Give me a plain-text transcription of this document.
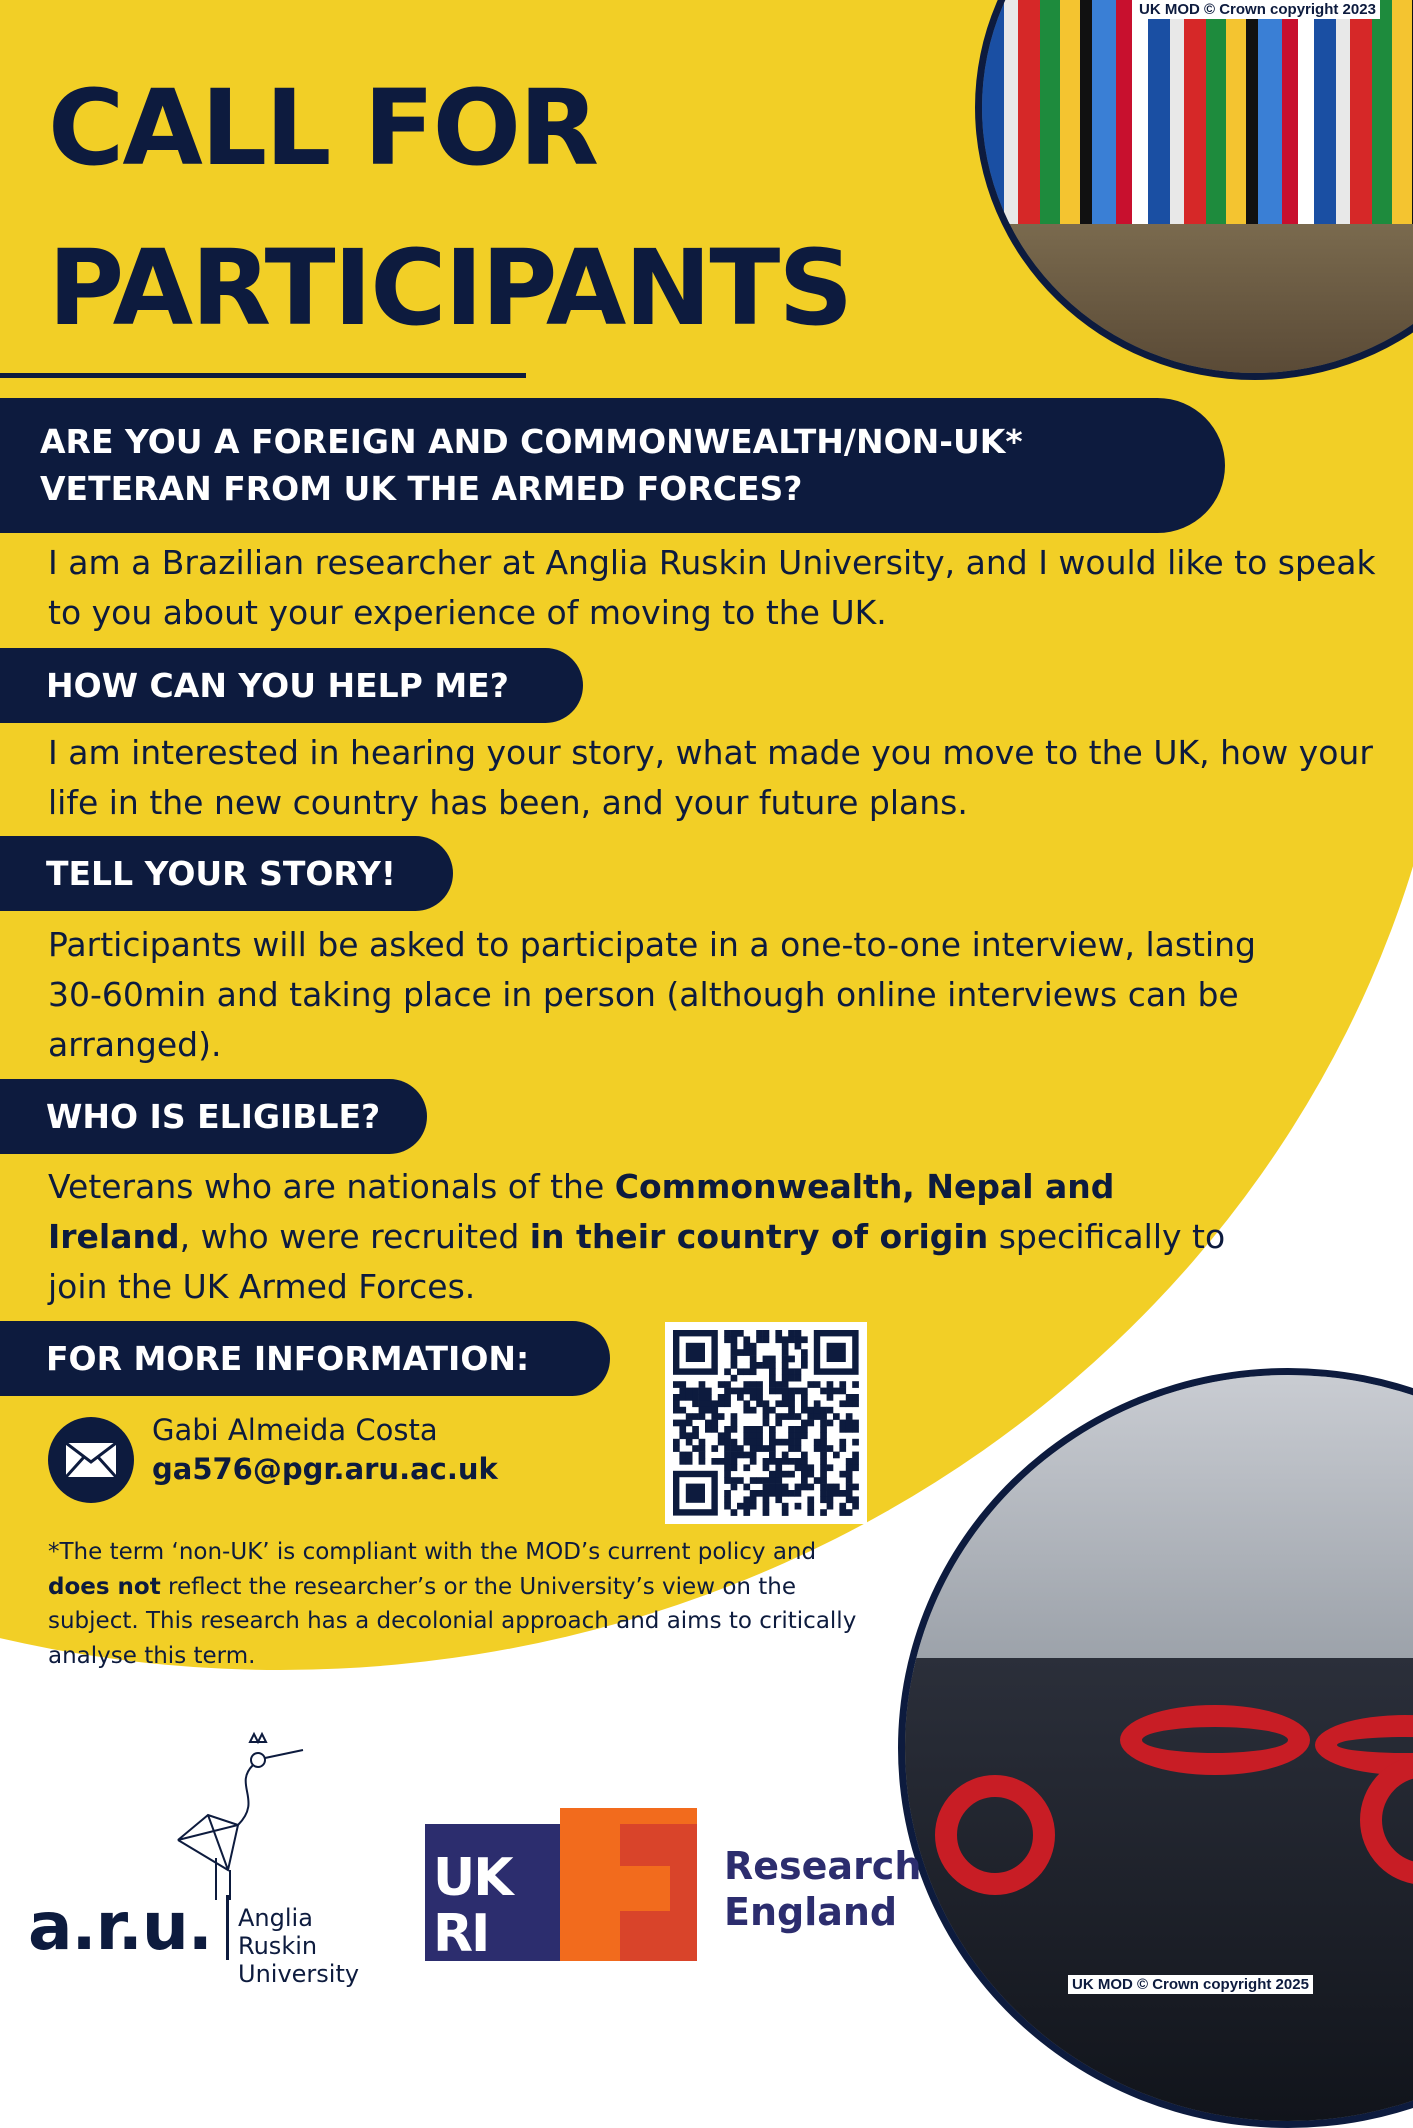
UK MOD © Crown copyright 2023
CALL FOR
PARTICIPANTS
ARE YOU A FOREIGN AND COMMONWEALTH/NON-UK* VETERAN FROM UK THE ARMED FORCES?
I am a Brazilian researcher at Anglia Ruskin University, and I would like to speak to you about your experience of moving to the UK.
HOW CAN YOU HELP ME?
I am interested in hearing your story, what made you move to the UK, how your life in the new country has been, and your future plans.
TELL YOUR STORY!
Participants will be asked to participate in a one-to-one interview, lasting 30-60min and taking place in person (although online interviews can be arranged).
WHO IS ELIGIBLE?
Veterans who are nationals of the Commonwealth, Nepal and Ireland, who were recruited in their country of origin specifically to join the UK Armed Forces.
FOR MORE INFORMATION:
Gabi Almeida Costa
ga576@pgr.aru.ac.uk
*The term ‘non-UK’ is compliant with the MOD’s current policy and does not reflect the researcher’s or the University’s view on the subject. This research has a decolonial approach and aims to critically analyse this term.
UK MOD © Crown copyright 2025
a.r.u. Anglia Ruskin
University
UK
RI
Research
England
